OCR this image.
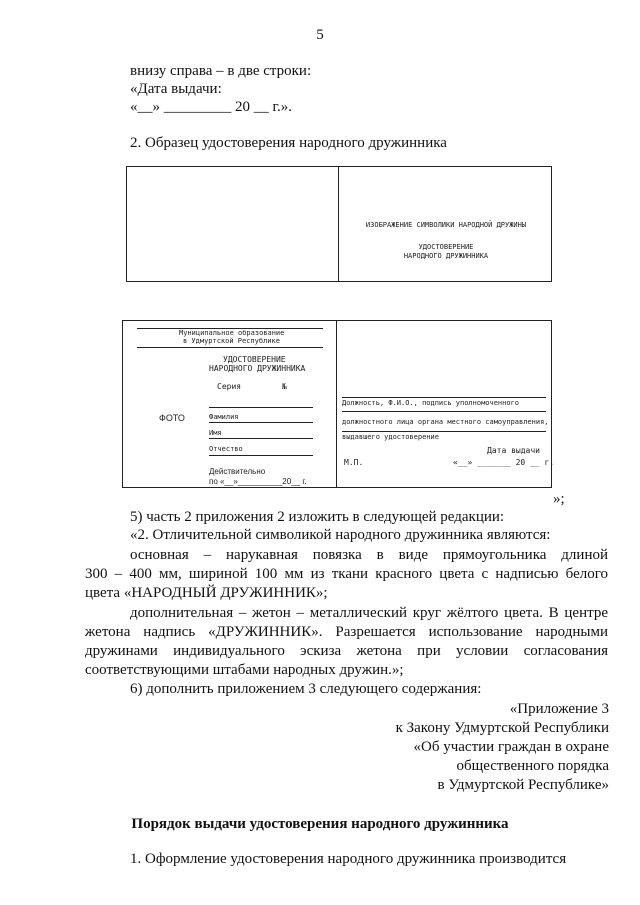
5
внизу справа – в две строки:
«Дата выдачи:
«__» _________ 20 __ г.».
2. Образец удостоверения народного дружинника
ИЗОБРАЖЕНИЕ СИМВОЛИКИ НАРОДНОЙ ДРУЖИНЫ
УДОСТОВЕРЕНИЕ
НАРОДНОГО ДРУЖИННИКА
Муниципальное образование
в Удмуртской Республике
УДОСТОВЕРЕНИЕ
НАРОДНОГО ДРУЖИННИКА
Серия	№
ФОТО	Фамилия
Имя
Отчество
Действительно
по «__»__________20__ г.
Должность, Ф.И.О., подпись уполномоченного
должностного лица органа местного самоуправления,
выдавшего удостоверение
Дата выдачи
М.П.	«__» _______ 20 __ г.
»;
5) часть 2 приложения 2 изложить в следующей редакции:
«2. Отличительной символикой народного дружинника являются:
основная – нарукавная повязка в виде прямоугольника длиной
300 – 400 мм, шириной 100 мм из ткани красного цвета с надписью белого
цвета «НАРОДНЫЙ ДРУЖИННИК»;
дополнительная – жетон – металлический круг жёлтого цвета. В центре
жетона надпись «ДРУЖИННИК». Разрешается использование народными
дружинами индивидуального эскиза жетона при условии согласования
соответствующими штабами народных дружин.»;
6) дополнить приложением 3 следующего содержания:
«Приложение 3
к Закону Удмуртской Республики
«Об участии граждан в охране
общественного порядка
в Удмуртской Республике»
Порядок выдачи удостоверения народного дружинника
1. Оформление удостоверения народного дружинника производится
